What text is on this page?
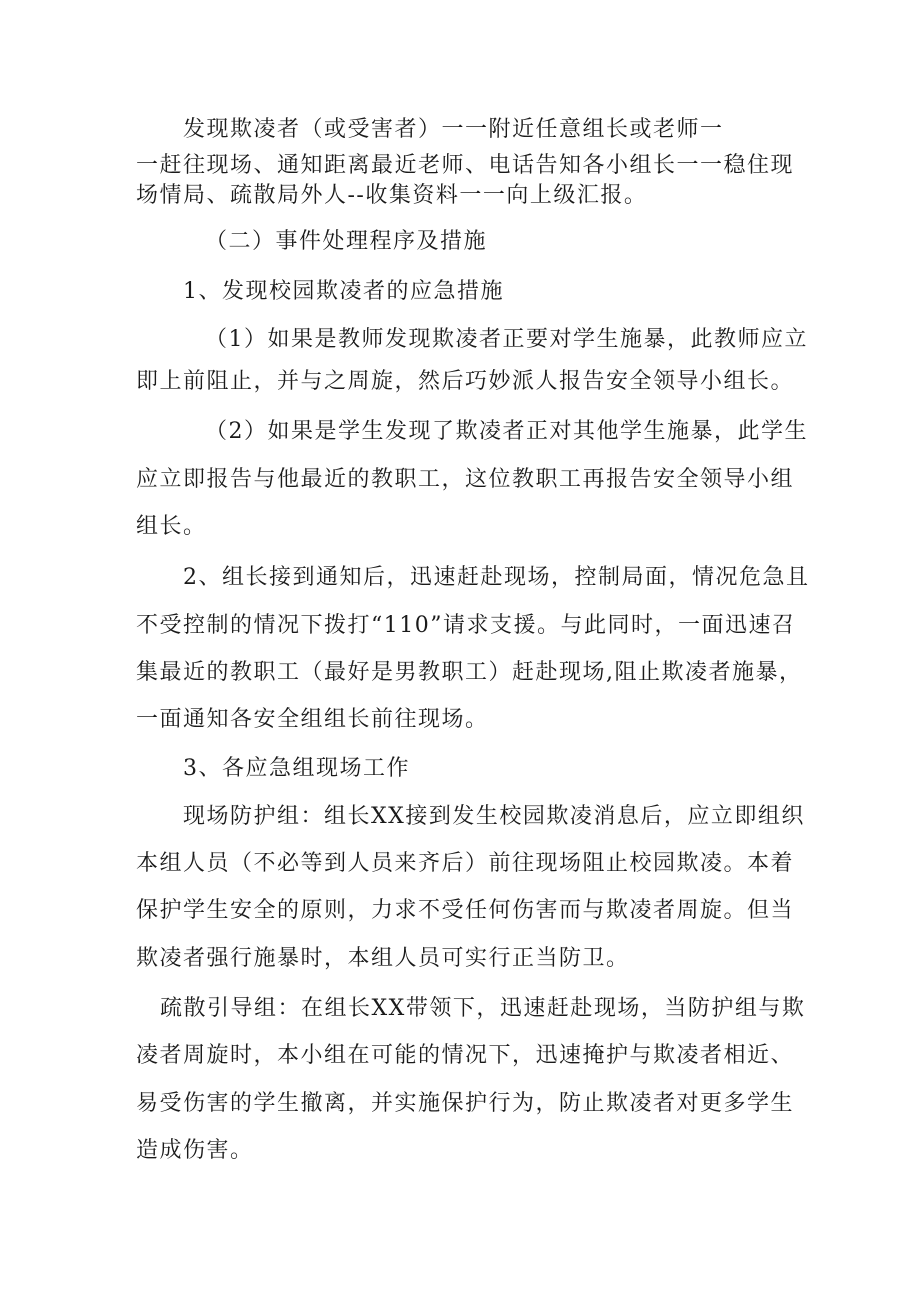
发现欺凌者（或受害者）一一附近任意组长或老师一
一赶往现场、通知距离最近老师、电话告知各小组长一一稳住现
场情局、疏散局外人--收集资料一一向上级汇报。
（二）事件处理程序及措施
1、发现校园欺凌者的应急措施
（1）如果是教师发现欺凌者正要对学生施暴，此教师应立
即上前阻止，并与之周旋，然后巧妙派人报告安全领导小组长。
（2）如果是学生发现了欺凌者正对其他学生施暴，此学生
应立即报告与他最近的教职工，这位教职工再报告安全领导小组
组长。
2、组长接到通知后，迅速赶赴现场，控制局面，情况危急且
不受控制的情况下拨打“110”请求支援。与此同时，一面迅速召
集最近的教职工（最好是男教职工）赶赴现场,阻止欺凌者施暴，
一面通知各安全组组长前往现场。
3、各应急组现场工作
现场防护组：组长XX接到发生校园欺凌消息后，应立即组织
本组人员（不必等到人员来齐后）前往现场阻止校园欺凌。本着
保护学生安全的原则，力求不受任何伤害而与欺凌者周旋。但当
欺凌者强行施暴时，本组人员可实行正当防卫。
疏散引导组：在组长XX带领下，迅速赶赴现场，当防护组与欺
凌者周旋时，本小组在可能的情况下，迅速掩护与欺凌者相近、
易受伤害的学生撤离，并实施保护行为，防止欺凌者对更多学生
造成伤害。
